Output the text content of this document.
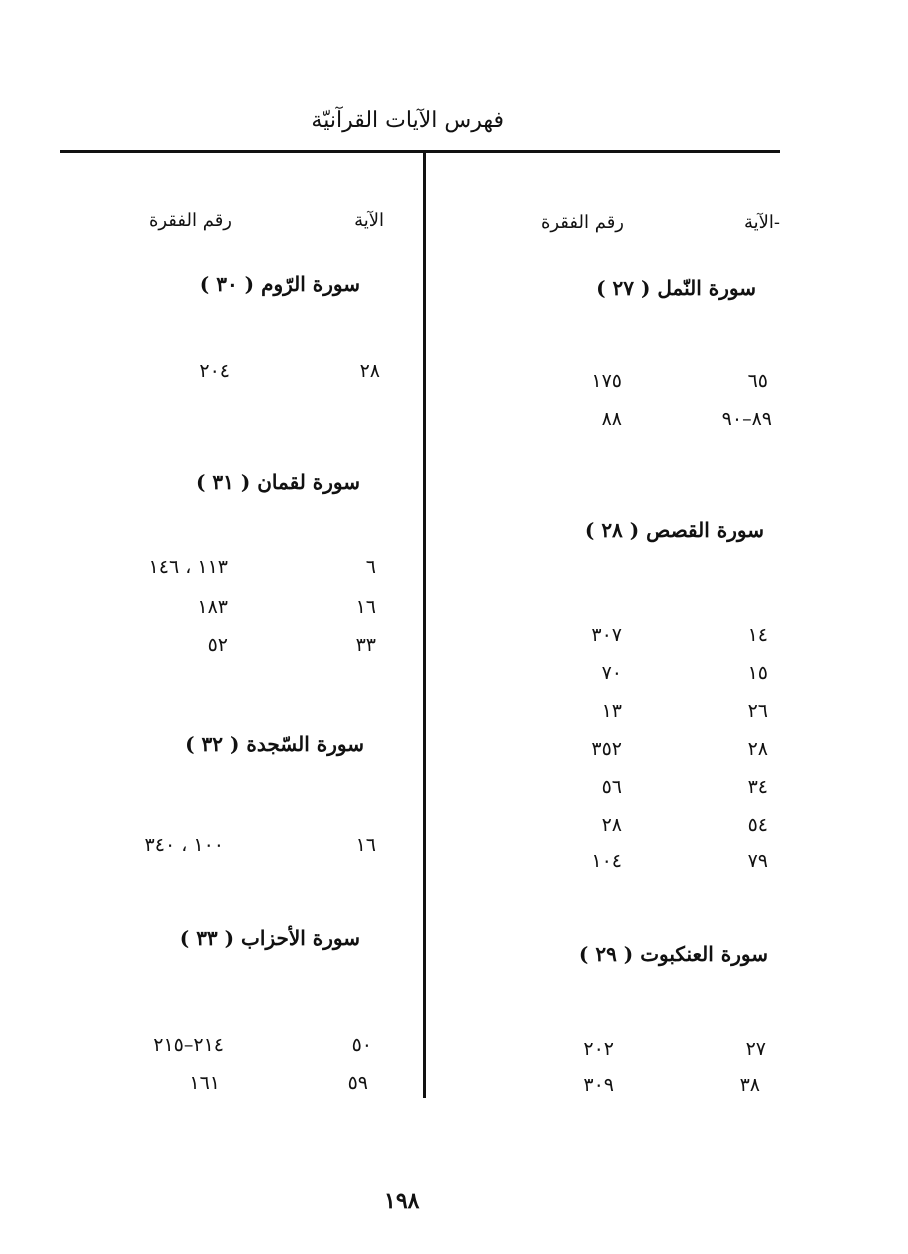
فهرس الآيات القرآنيّة
-الآية
رقم الفقرة
الآية
رقم الفقرة
سورة النّمل ( ٢٧ )
٦٥
١٧٥
٨٩–٩٠
٨٨
سورة القصص ( ٢٨ )
١٤
٣٠٧
١٥
٧٠
٢٦
١٣
٢٨
٣٥٢
٣٤
٥٦
٥٤
٢٨
٧٩
١٠٤
سورة العنكبوت ( ٢٩ )
٢٧
٢٠٢
٣٨
٣٠٩
سورة الرّوم ( ٣٠ )
٢٨
٢٠٤
سورة لقمان ( ٣١ )
٦
١١٣ ، ١٤٦
١٦
١٨٣
٣٣
٥٢
سورة السّجدة ( ٣٢ )
١٦
١٠٠ ، ٣٤٠
سورة الأحزاب ( ٣٣ )
٥٠
٢١٤–٢١٥
٥٩
١٦١
١٩٨
